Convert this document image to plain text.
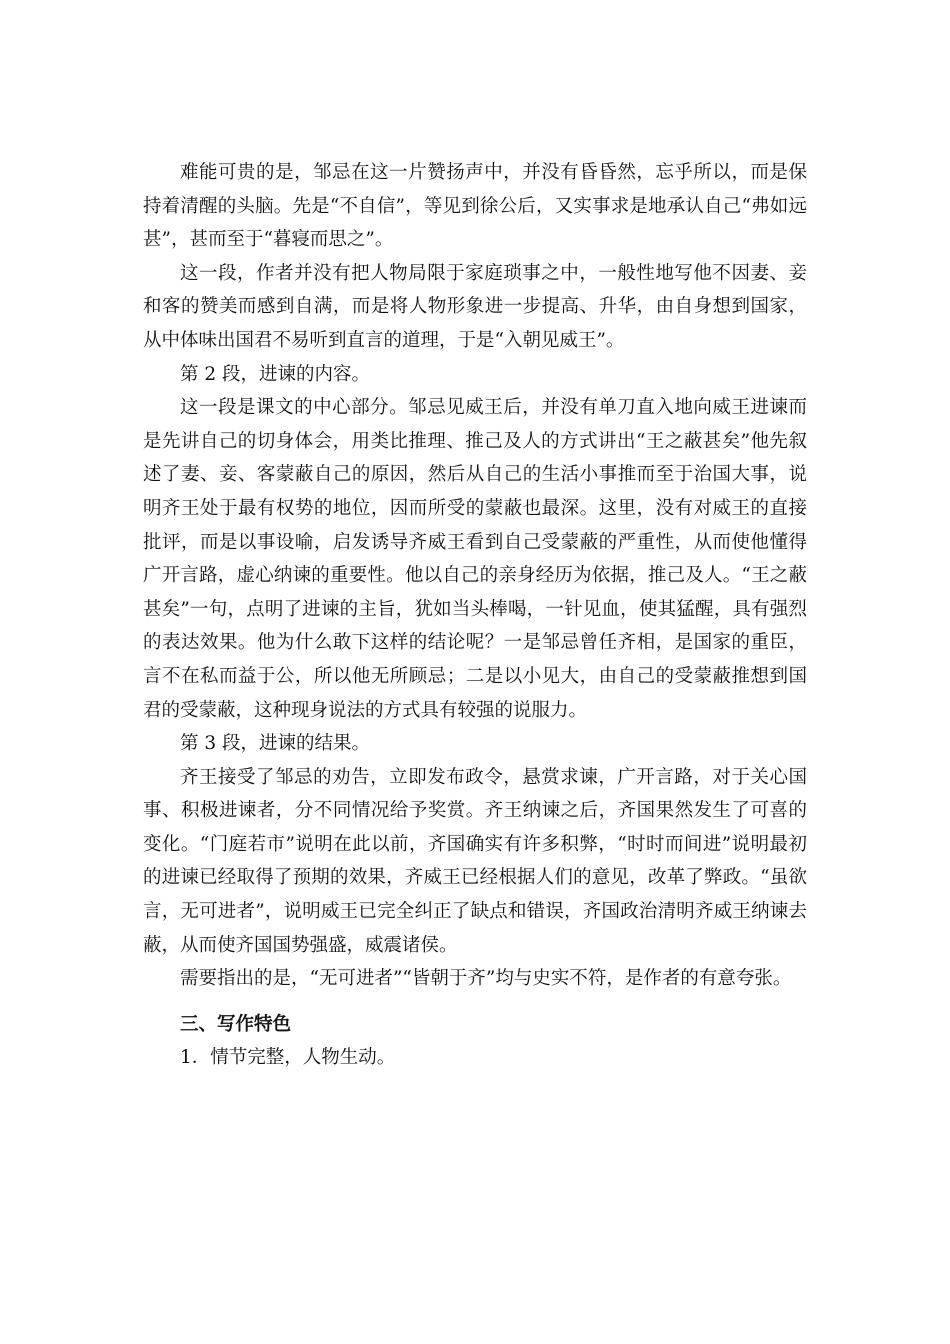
难能可贵的是，邹忌在这一片赞扬声中，并没有昏昏然，忘乎所以，而是保持着清醒的头脑。先是“不自信”，等见到徐公后，又实事求是地承认自己“弗如远甚”，甚而至于“暮寝而思之”。

这一段，作者并没有把人物局限于家庭琐事之中，一般性地写他不因妻、妾和客的赞美而感到自满，而是将人物形象进一步提高、升华，由自身想到国家，从中体味出国君不易听到直言的道理，于是“入朝见威王”。

第 2 段，进谏的内容。

这一段是课文的中心部分。邹忌见威王后，并没有单刀直入地向威王进谏而是先讲自己的切身体会，用类比推理、推己及人的方式讲出“王之蔽甚矣”他先叙述了妻、妾、客蒙蔽自己的原因，然后从自己的生活小事推而至于治国大事，说明齐王处于最有权势的地位，因而所受的蒙蔽也最深。这里，没有对威王的直接批评，而是以事设喻，启发诱导齐威王看到自己受蒙蔽的严重性，从而使他懂得广开言路，虚心纳谏的重要性。他以自己的亲身经历为依据，推己及人。“王之蔽甚矣”一句，点明了进谏的主旨，犹如当头棒喝，一针见血，使其猛醒，具有强烈的表达效果。他为什么敢下这样的结论呢？一是邹忌曾任齐相，是国家的重臣，言不在私而益于公，所以他无所顾忌；二是以小见大，由自己的受蒙蔽推想到国君的受蒙蔽，这种现身说法的方式具有较强的说服力。

第 3 段，进谏的结果。

齐王接受了邹忌的劝告，立即发布政令，悬赏求谏，广开言路，对于关心国事、积极进谏者，分不同情况给予奖赏。齐王纳谏之后，齐国果然发生了可喜的变化。“门庭若市”说明在此以前，齐国确实有许多积弊，“时时而间进”说明最初的进谏已经取得了预期的效果，齐威王已经根据人们的意见，改革了弊政。“虽欲言，无可进者”，说明威王已完全纠正了缺点和错误，齐国政治清明齐威王纳谏去蔽，从而使齐国国势强盛，威震诸侯。

需要指出的是，“无可进者”“皆朝于齐”均与史实不符，是作者的有意夸张。

三、写作特色

1．情节完整，人物生动。
